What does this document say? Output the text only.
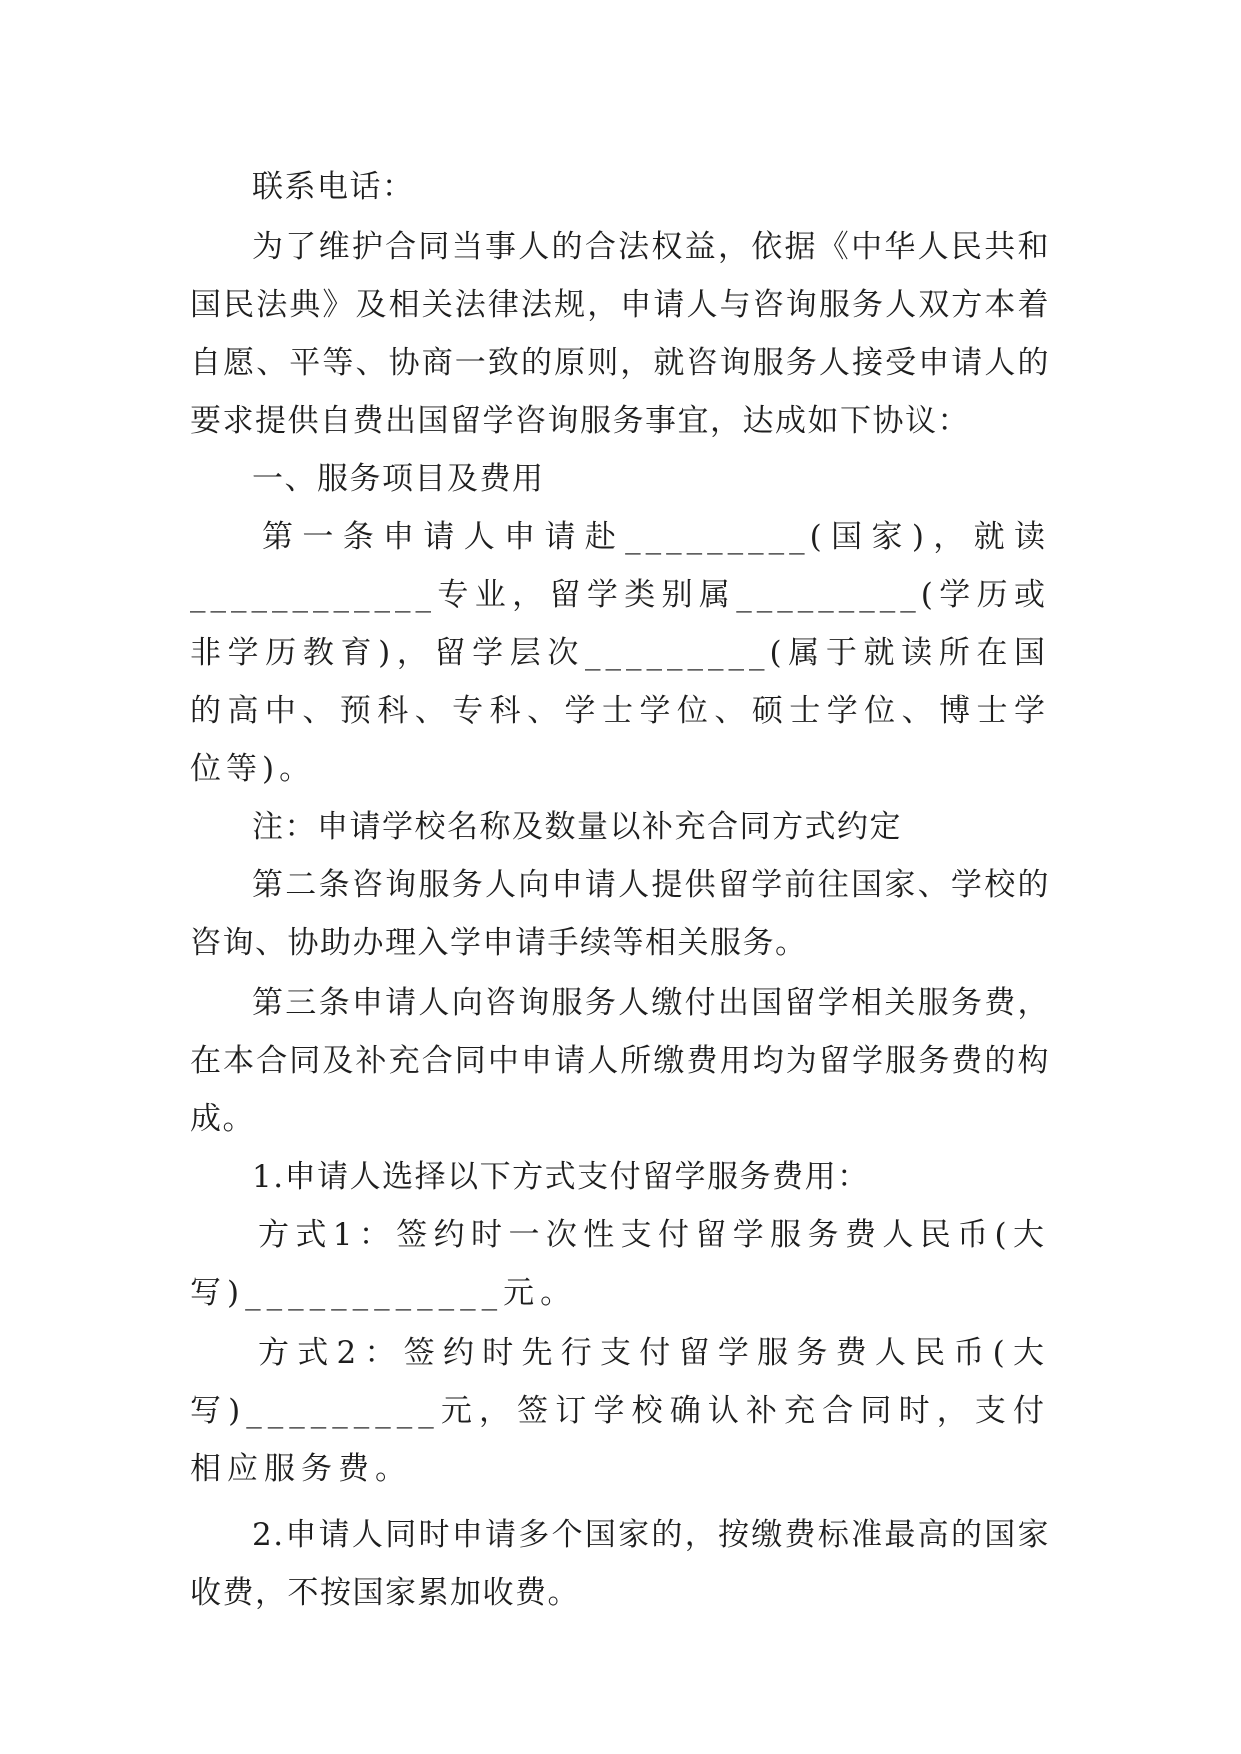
联系电话：

为了维护合同当事人的合法权益，依据《中华人民共和国民法典》及相关法律法规，申请人与咨询服务人双方本着自愿、平等、协商一致的原则，就咨询服务人接受申请人的要求提供自费出国留学咨询服务事宜，达成如下协议：

一、服务项目及费用

第一条申请人申请赴_________(国家)，就读____________专业，留学类别属_________(学历或非学历教育)，留学层次_________(属于就读所在国的高中、预科、专科、学士学位、硕士学位、博士学位等)。

注：申请学校名称及数量以补充合同方式约定

第二条咨询服务人向申请人提供留学前往国家、学校的咨询、协助办理入学申请手续等相关服务。

第三条申请人向咨询服务人缴付出国留学相关服务费，在本合同及补充合同中申请人所缴费用均为留学服务费的构成。

1.申请人选择以下方式支付留学服务费用：

方式1：签约时一次性支付留学服务费人民币(大写)____________元。

方式2：签约时先行支付留学服务费人民币(大写)_________元，签订学校确认补充合同时，支付相应服务费。

2.申请人同时申请多个国家的，按缴费标准最高的国家收费，不按国家累加收费。
